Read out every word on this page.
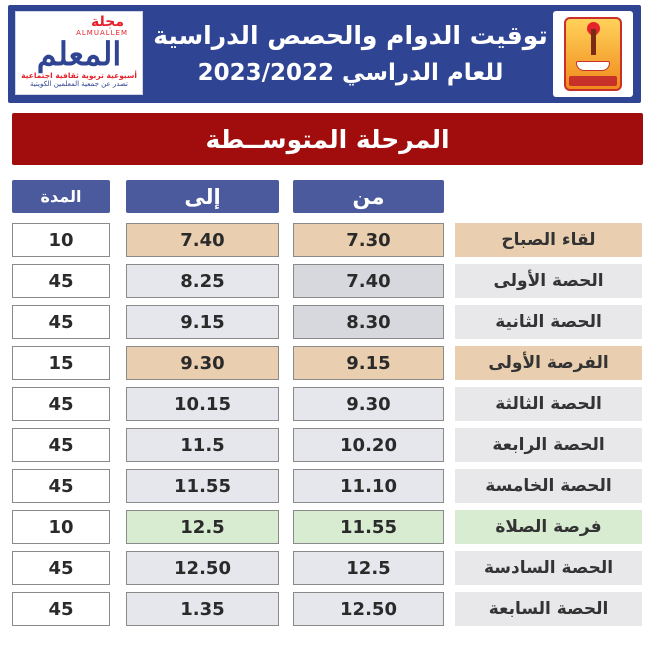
مجلة
ALMUALLEM
المعلم
أسبوعية تربوية ثقافية اجتماعية
تصدر عن جمعية المعلمين الكويتية
توقيت الدوام والحصص الدراسية
للعام الدراسي 2023/2022
المرحلة المتوســطة
من
إلى
المدة
لقاء الصباح
7.30
7.40
10
الحصة الأولى
7.40
8.25
45
الحصة الثانية
8.30
9.15
45
الفرصة الأولى
9.15
9.30
15
الحصة الثالثة
9.30
10.15
45
الحصة الرابعة
10.20
11.5
45
الحصة الخامسة
11.10
11.55
45
فرصة الصلاة
11.55
12.5
10
الحصة السادسة
12.5
12.50
45
الحصة السابعة
12.50
1.35
45
